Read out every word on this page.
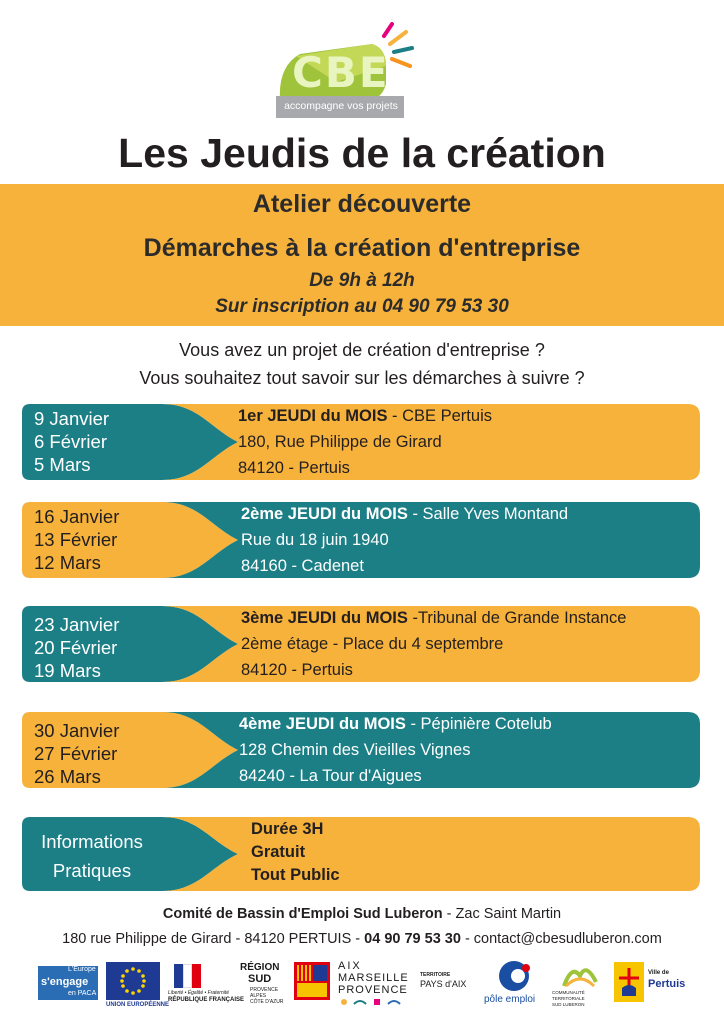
CBE
accompagne vos projets
Les Jeudis de la création
Atelier découverte
Démarches à la création d'entreprise
De 9h à 12h
Sur inscription au 04 90 79 53 30
Vous avez un projet de création d'entreprise ?
Vous souhaitez tout savoir sur les démarches à suivre ?
9 Janvier
6 Février
5 Mars
1er JEUDI du MOIS - CBE Pertuis
180, Rue Philippe de Girard
84120 - Pertuis
16 Janvier
13 Février
12 Mars
2ème JEUDI du MOIS - Salle Yves Montand
Rue du 18 juin 1940
84160 - Cadenet
23 Janvier
20 Février
19 Mars
3ème JEUDI du MOIS -Tribunal de Grande Instance
2ème étage - Place du 4 septembre
84120 - Pertuis
30 Janvier
27 Février
26 Mars
4ème JEUDI du MOIS - Pépinière Cotelub
128 Chemin des Vieilles Vignes
84240 - La Tour d'Aigues
Informations
Pratiques
Durée 3H
Gratuit
Tout Public
Comité de Bassin d'Emploi Sud Luberon - Zac Saint Martin
180 rue Philippe de Girard - 84120 PERTUIS - 04 90 79 53 30 - contact@cbesudluberon.com
L'Europe
s'engage
en PACA
UNION EUROPÉENNE
Liberté • Égalité • Fraternité
RÉPUBLIQUE FRANÇAISE
RÉGION
SUD
PROVENCE
ALPES
CÔTE D'AZUR
AIX
MARSEILLE
PROVENCE
TERRITOIRE
PAYS d'AIX
pôle emploi
COMMUNAUTÉ
TERRITORIALE
SUD LUBERON
Ville de
Pertuis
